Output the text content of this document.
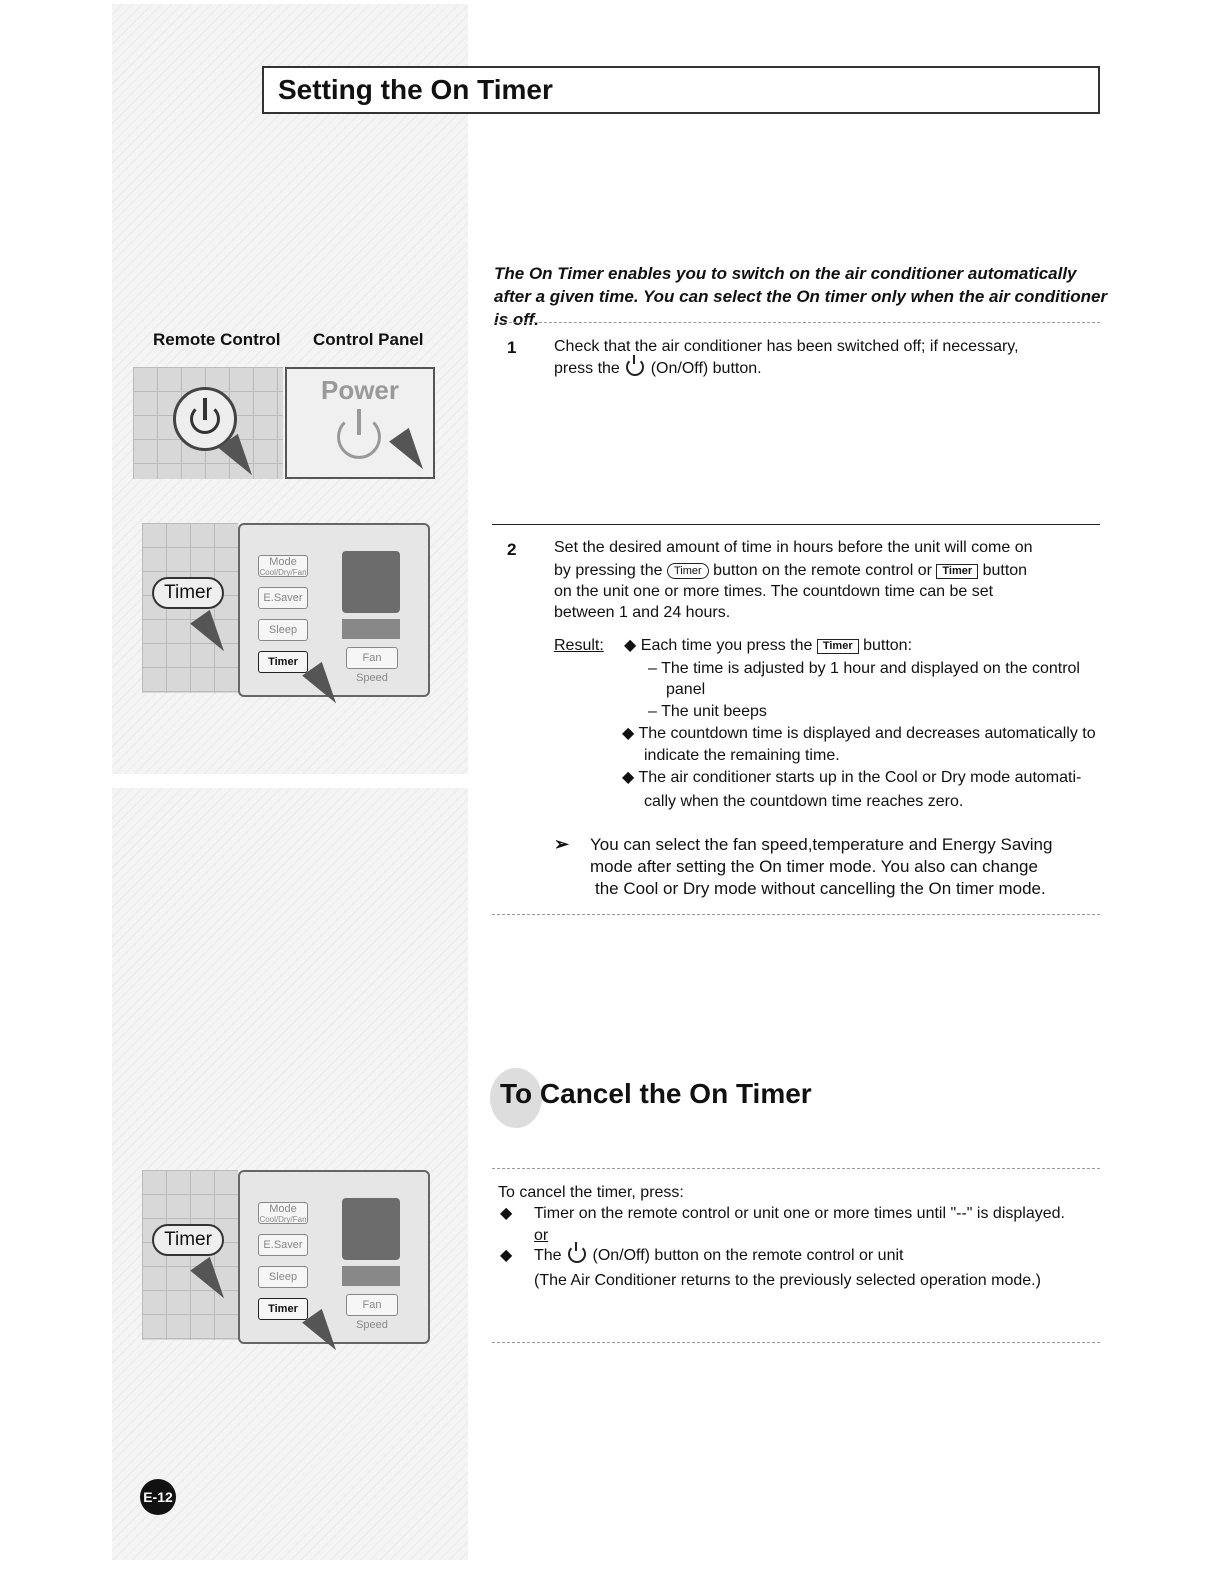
Setting the On Timer
The On Timer enables you to switch on the air conditioner automatically after a given time. You can select the On timer only when the air conditioner is off.
Remote Control Control Panel
Power
Timer
Mode
Cool/Dry/Fan
E.Saver
Sleep
Timer	Fan Speed
1 Check that the air conditioner has been switched off; if necessary,
press the (On/Off) button.
2 Set the desired amount of time in hours before the unit will come on
by pressing the Timer button on the remote control or Timer button
on the unit one or more times. The countdown time can be set
between 1 and 24 hours.
Result: ◆ Each time you press the Timer button:
– The time is adjusted by 1 hour and displayed on the control
panel
– The unit beeps
◆ The countdown time is displayed and decreases automatically to
indicate the remaining time.
◆ The air conditioner starts up in the Cool or Dry mode automati-
cally when the countdown time reaches zero.
➢ You can select the fan speed,temperature and Energy Saving
mode after setting the On timer mode. You also can change
the Cool or Dry mode without cancelling the On timer mode.
To Cancel the On Timer
To cancel the timer, press:
◆ Timer on the remote control or unit one or more times until "--" is displayed.
or
◆ The (On/Off) button on the remote control or unit
(The Air Conditioner returns to the previously selected operation mode.)
Timer
Mode
Cool/Dry/Fan
E.Saver
Sleep
Timer	Fan Speed
E-12
